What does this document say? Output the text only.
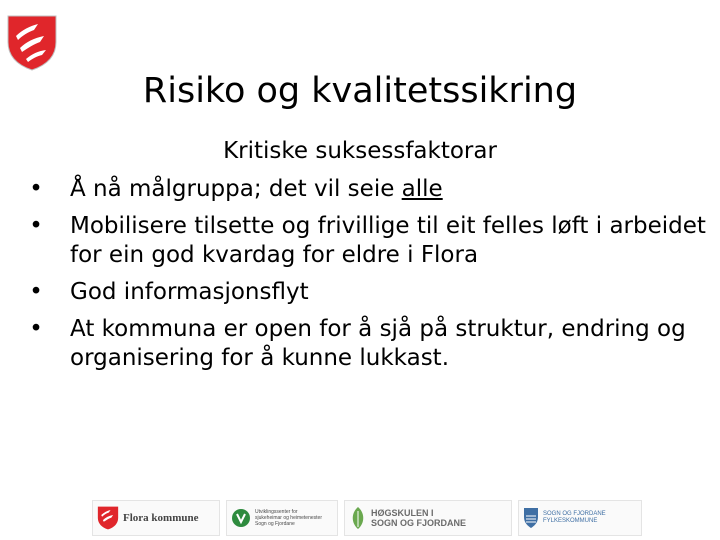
Risiko og kvalitetssikring
Kritiske suksessfaktorar
• Å nå målgruppa; det vil seie alle
• Mobilisere tilsette og frivillige til eit felles løft i arbeidet for ein god kvardag for eldre i Flora
• God informasjonsflyt
• At kommuna er open for å sjå på struktur, endring og organisering for å kunne lukkast.
Flora kommune	Utviklingssenter for
sjukeheimar og heimetenester
Sogn og Fjordane
HØGSKULEN I
SOGN OG FJORDANE
SOGN OG FJORDANE
FYLKESKOMMUNE
